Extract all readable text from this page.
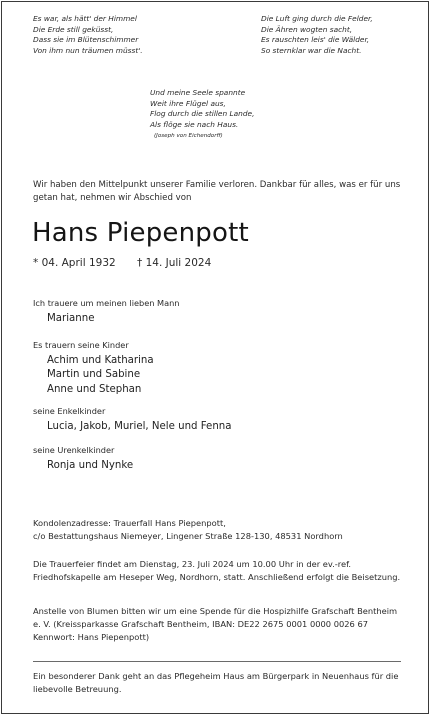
Es war, als hätt' der Himmel
Die Erde still geküsst,
Dass sie im Blütenschimmer
Von ihm nun träumen müsst'.
Die Luft ging durch die Felder,
Die Ähren wogten sacht,
Es rauschten leis' die Wälder,
So sternklar war die Nacht.
Und meine Seele spannte
Weit ihre Flügel aus,
Flog durch die stillen Lande,
Als flöge sie nach Haus.
(Joseph von Eichendorff)
Wir haben den Mittelpunkt unserer Familie verloren. Dankbar für alles, was er für uns getan hat, nehmen wir Abschied von
Hans Piepenpott
* 04. April 1932 † 14. Juli 2024
Ich trauere um meinen lieben Mann
Marianne
Es trauern seine Kinder
Achim und Katharina
Martin und Sabine
Anne und Stephan
seine Enkelkinder
Lucia, Jakob, Muriel, Nele und Fenna
seine Urenkelkinder
Ronja und Nynke
Kondolenzadresse: Trauerfall Hans Piepenpott,
c/o Bestattungshaus Niemeyer, Lingener Straße 128-130, 48531 Nordhorn
Die Trauerfeier findet am Dienstag, 23. Juli 2024 um 10.00 Uhr in der ev.-ref. Friedhofskapelle am Heseper Weg, Nordhorn, statt. Anschließend erfolgt die Beisetzung.
Anstelle von Blumen bitten wir um eine Spende für die Hospizhilfe Grafschaft Bentheim e. V. (Kreissparkasse Grafschaft Bentheim, IBAN: DE22 2675 0001 0000 0026 67 Kennwort: Hans Piepenpott)
Ein besonderer Dank geht an das Pflegeheim Haus am Bürgerpark in Neuenhaus für die liebevolle Betreuung.
